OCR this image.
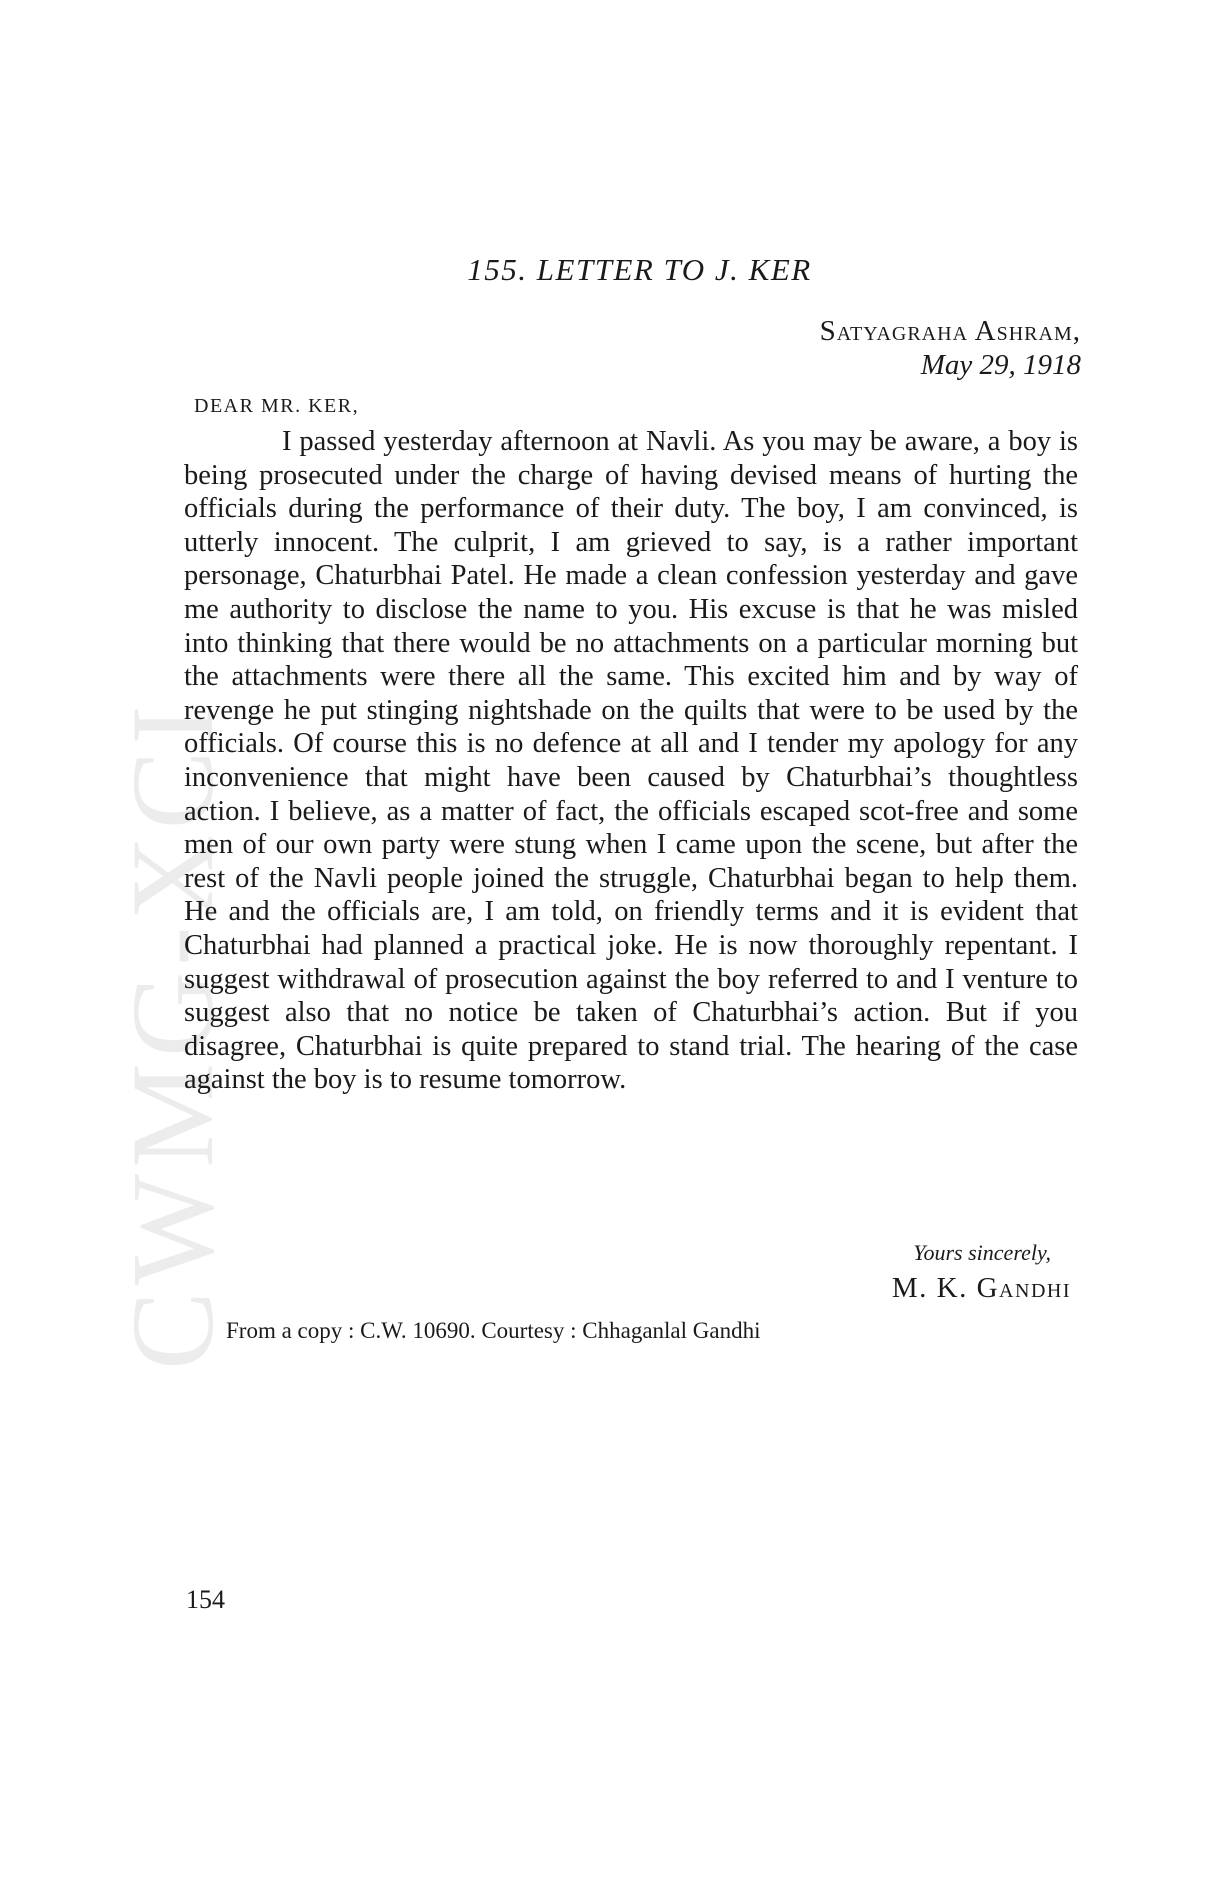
CWMG-XCI
155. LETTER TO J. KER
Satyagraha Ashram,
May 29, 1918
DEAR MR. KER,

I passed yesterday afternoon at Navli. As you may be aware, a boy is being prosecuted under the charge of having devised means of hurting the officials during the performance of their duty. The boy, I am convinced, is utterly innocent. The culprit, I am grieved to say, is a rather important personage, Chaturbhai Patel. He made a clean confession yesterday and gave me authority to disclose the name to you. His excuse is that he was misled into thinking that there would be no attachments on a particular morning but the attachments were there all the same. This excited him and by way of revenge he put stinging nightshade on the quilts that were to be used by the officials. Of course this is no defence at all and I tender my apology for any inconvenience that might have been caused by Chaturbhai’s thoughtless action. I believe, as a matter of fact, the officials escaped scot-free and some men of our own party were stung when I came upon the scene, but after the rest of the Navli people joined the struggle, Chaturbhai began to help them. He and the officials are, I am told, on friendly terms and it is evident that Chaturbhai had planned a practical joke. He is now thoroughly repentant. I suggest withdrawal of prosecution against the boy referred to and I venture to suggest also that no notice be taken of Chaturbhai’s action. But if you disagree, Chaturbhai is quite prepared to stand trial. The hearing of the case against the boy is to resume tomorrow.

Yours sincerely,
M. K. Gandhi
From a copy : C.W. 10690. Courtesy : Chhaganlal Gandhi
154
